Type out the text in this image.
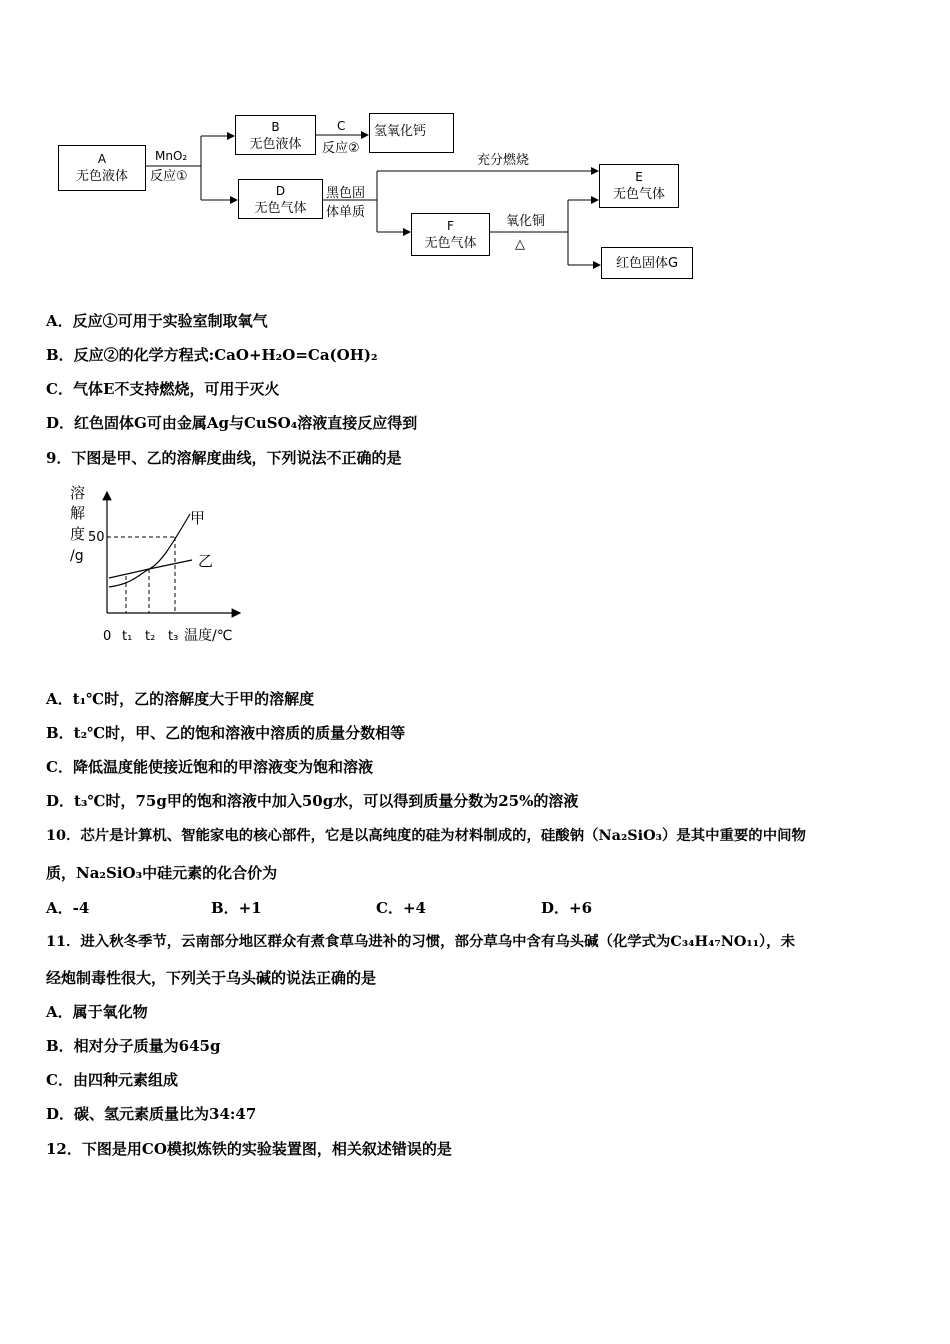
A
无色液体
B
无色液体
氢氧化钙
D
无色气体
E
无色气体
F
无色气体
红色固体G
MnO₂
反应①
C
反应②
黑色固
体单质
充分燃烧
氧化铜
△
A．反应①可用于实验室制取氧气
B．反应②的化学方程式:CaO+H₂O=Ca(OH)₂
C．气体E不支持燃烧，可用于灭火
D．红色固体G可由金属Ag与CuSO₄溶液直接反应得到
9．下图是甲、乙的溶解度曲线，下列说法不正确的是
溶
解
度
/g
50
甲
乙
0 t₁ t₂ t₃ 温度/℃
A．t₁℃时，乙的溶解度大于甲的溶解度
B．t₂℃时，甲、乙的饱和溶液中溶质的质量分数相等
C．降低温度能使接近饱和的甲溶液变为饱和溶液
D．t₃℃时，75g甲的饱和溶液中加入50g水，可以得到质量分数为25%的溶液
10．芯片是计算机、智能家电的核心部件，它是以高纯度的硅为材料制成的，硅酸钠（Na₂SiO₃）是其中重要的中间物
质，Na₂SiO₃中硅元素的化合价为
A．-4	B．+1	C．+4	D．+6
11．进入秋冬季节，云南部分地区群众有煮食草乌进补的习惯，部分草乌中含有乌头碱（化学式为C₃₄H₄₇NO₁₁），未
经炮制毒性很大，下列关于乌头碱的说法正确的是
A．属于氧化物
B．相对分子质量为645g
C．由四种元素组成
D．碳、氢元素质量比为34:47
12．下图是用CO模拟炼铁的实验装置图，相关叙述错误的是
